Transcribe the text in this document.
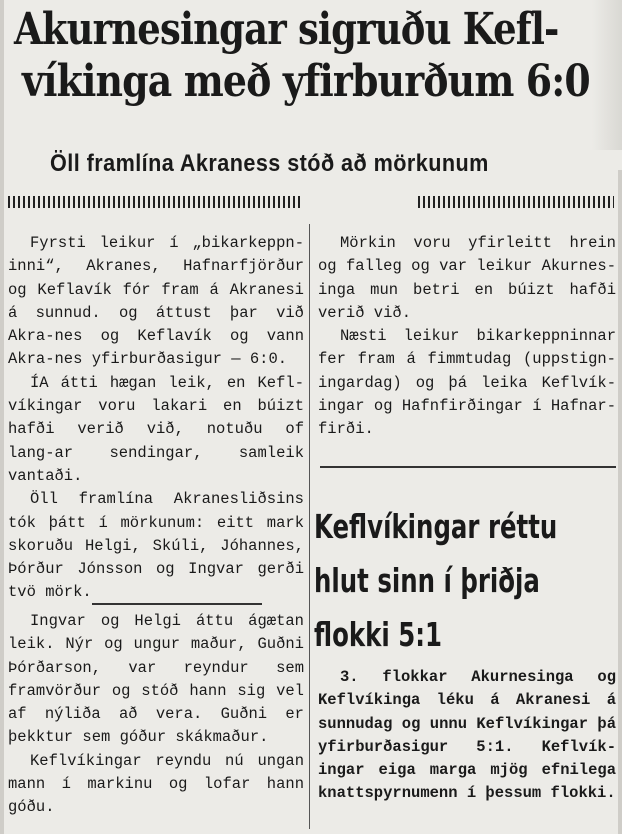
Akurnesingar sigruðu Kefl-
víkinga með yfirburðum 6:0
Öll framlína Akraness stóð að mörkunum

Fyrsti leikur í „bikarkeppn-inni“, Akranes, Hafnarfjörður og Keflavík fór fram á Akranesi á sunnud. og áttust þar við Akra-nes og Keflavík og vann Akra-nes yfirburðasigur — 6:0.

ÍA átti hægan leik, en Kefl-víkingar voru lakari en búizt hafði verið við, notuðu of lang-ar sendingar, samleik vantaði.

Öll framlína Akranesliðsins tók þátt í mörkunum: eitt mark skoruðu Helgi, Skúli, Jóhannes, Þórður Jónsson og Ingvar gerði tvö mörk.

Ingvar og Helgi áttu ágætan leik. Nýr og ungur maður, Guðni Þórðarson, var reyndur sem framvörður og stóð hann sig vel af nýliða að vera. Guðni er þekktur sem góður skákmaður.

Keflvíkingar reyndu nú ungan mann í markinu og lofar hann góðu.

Mörkin voru yfirleitt hrein og falleg og var leikur Akurnes-inga mun betri en búizt hafði verið við.

Næsti leikur bikarkeppninnar fer fram á fimmtudag (uppstign-ingardag) og þá leika Keflvík-ingar og Hafnfirðingar í Hafnar-firði.

Keflvíkingar réttu
hlut sinn í þriðja
flokki 5:1

3. flokkar Akurnesinga og Keflvíkinga léku á Akranesi á sunnudag og unnu Keflvíkingar þá yfirburðasigur 5:1. Keflvík-ingar eiga marga mjög efnilega knattspyrnumenn í þessum flokki.
